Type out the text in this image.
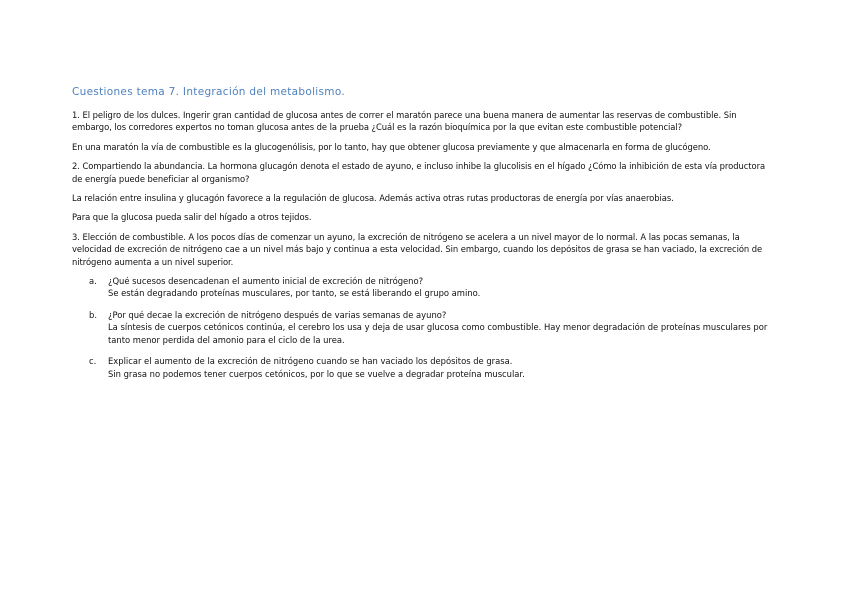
Cuestiones tema 7. Integración del metabolismo.

1. El peligro de los dulces. Ingerir gran cantidad de glucosa antes de correr el maratón parece una buena manera de aumentar las reservas de combustible. Sin embargo, los corredores expertos no toman glucosa antes de la prueba ¿Cuál es la razón bioquímica por la que evitan este combustible potencial?

En una maratón la vía de combustible es la glucogenólisis, por lo tanto, hay que obtener glucosa previamente y que almacenarla en forma de glucógeno.

2. Compartiendo la abundancia. La hormona glucagón denota el estado de ayuno, e incluso inhibe la glucolisis en el hígado ¿Cómo la inhibición de esta vía productora de energía puede beneficiar al organismo?

La relación entre insulina y glucagón favorece a la regulación de glucosa. Además activa otras rutas productoras de energía por vías anaerobias.

Para que la glucosa pueda salir del hígado a otros tejidos.

3. Elección de combustible. A los pocos días de comenzar un ayuno, la excreción de nitrógeno se acelera a un nivel mayor de lo normal. A las pocas semanas, la velocidad de excreción de nitrógeno cae a un nivel más bajo y continua a esta velocidad. Sin embargo, cuando los depósitos de grasa se han vaciado, la excreción de nitrógeno aumenta a un nivel superior.

a. ¿Qué sucesos desencadenan el aumento inicial de excreción de nitrógeno?
Se están degradando proteínas musculares, por tanto, se está liberando el grupo amino.
b. ¿Por qué decae la excreción de nitrógeno después de varias semanas de ayuno?
La síntesis de cuerpos cetónicos continúa, el cerebro los usa y deja de usar glucosa como combustible. Hay menor degradación de proteínas musculares por tanto menor perdida del amonio para el ciclo de la urea.
c. Explicar el aumento de la excreción de nitrógeno cuando se han vaciado los depósitos de grasa.
Sin grasa no podemos tener cuerpos cetónicos, por lo que se vuelve a degradar proteína muscular.
